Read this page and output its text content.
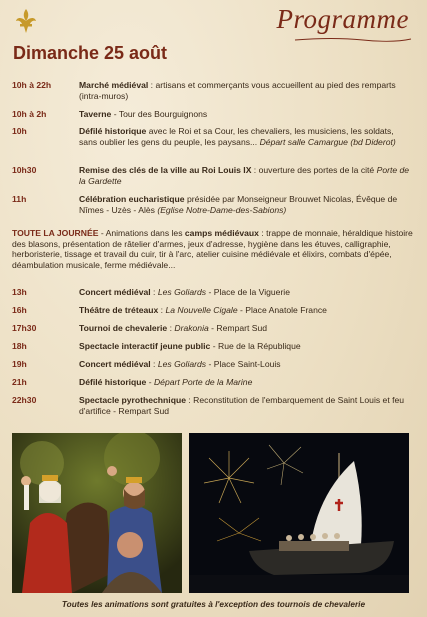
Programme
Dimanche 25 août
10h à 22h	Marché médiéval : artisans et commerçants vous accueillent au pied des remparts (intra-muros)
10h à 2h	Taverne - Tour des Bourguignons
10h	Défilé historique avec le Roi et sa Cour, les chevaliers, les musiciens, les soldats, sans oublier les gens du peuple, les paysans... Départ salle Camargue (bd Diderot)
10h30	Remise des clés de la ville au Roi Louis IX : ouverture des portes de la cité Porte de la Gardette
11h	Célébration eucharistique présidée par Monseigneur Brouwet Nicolas, Évêque de Nîmes - Uzès - Alès (Eglise Notre-Dame-des-Sabions)
TOUTE LA JOURNÉE - Animations dans les camps médiévaux : trappe de monnaie, héraldique histoire des blasons, présentation de râtelier d'armes, jeux d'adresse, hygiène dans les étuves, calligraphie, herboristerie, tissage et travail du cuir, tir à l'arc, atelier cuisine médiévale et élixirs, combats d'épée, déambulation musicale, ferme médiévale...
13h	Concert médiéval : Les Goliards - Place de la Viguerie
16h	Théâtre de tréteaux : La Nouvelle Cigale - Place Anatole France
17h30	Tournoi de chevalerie : Drakonia - Rempart Sud
18h	Spectacle interactif jeune public - Rue de la République
19h	Concert médiéval : Les Goliards - Place Saint-Louis
21h	Défilé historique - Départ Porte de la Marine
22h30	Spectacle pyrothechnique : Reconstitution de l'embarquement de Saint Louis et feu d'artifice - Rempart Sud
Toutes les animations sont gratuites à l'exception des tournois de chevalerie
